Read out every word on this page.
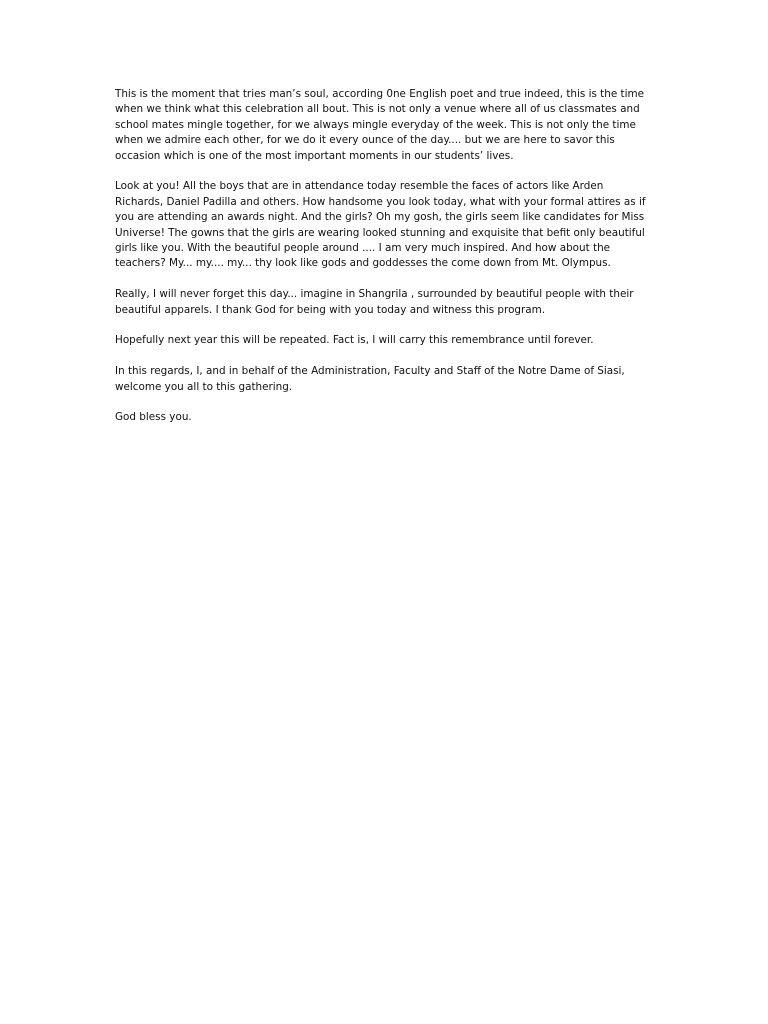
This is the moment that tries man’s soul, according 0ne English poet and true indeed, this is the time
when we think what this celebration all bout. This is not only a venue where all of us classmates and
school mates mingle together, for we always mingle everyday of the week. This is not only the time
when we admire each other, for we do it every ounce of the day.... but we are here to savor this
occasion which is one of the most important moments in our students’ lives.

Look at you! All the boys that are in attendance today resemble the faces of actors like Arden
Richards, Daniel Padilla and others. How handsome you look today, what with your formal attires as if
you are attending an awards night. And the girls? Oh my gosh, the girls seem like candidates for Miss
Universe! The gowns that the girls are wearing looked stunning and exquisite that befit only beautiful
girls like you. With the beautiful people around .... I am very much inspired. And how about the
teachers? My... my.... my... thy look like gods and goddesses the come down from Mt. Olympus.

Really, I will never forget this day... imagine in Shangrila , surrounded by beautiful people with their
beautiful apparels. I thank God for being with you today and witness this program.

Hopefully next year this will be repeated. Fact is, I will carry this remembrance until forever.

In this regards, I, and in behalf of the Administration, Faculty and Staff of the Notre Dame of Siasi,
welcome you all to this gathering.

God bless you.
